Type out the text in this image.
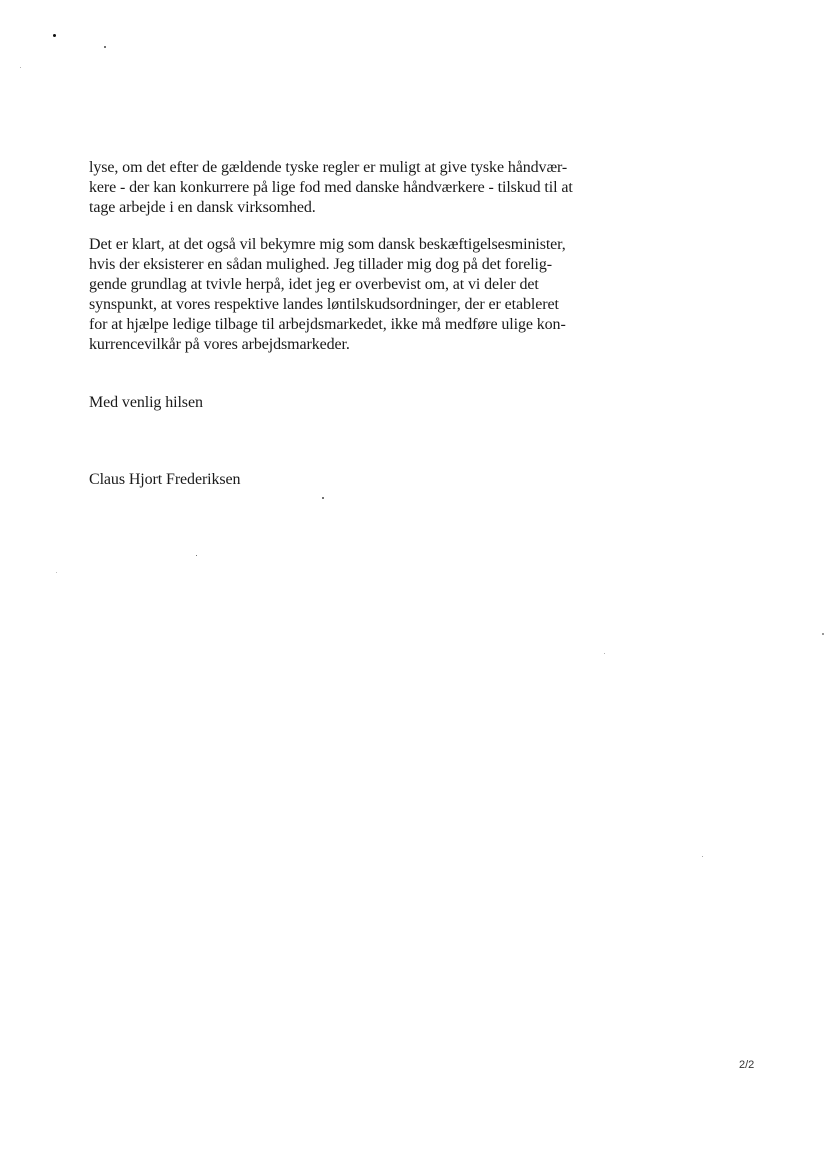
lyse, om det efter de gældende tyske regler er muligt at give tyske håndvær-
kere - der kan konkurrere på lige fod med danske håndværkere - tilskud til at
tage arbejde i en dansk virksomhed.
Det er klart, at det også vil bekymre mig som dansk beskæftigelsesminister,
hvis der eksisterer en sådan mulighed. Jeg tillader mig dog på det forelig-
gende grundlag at tvivle herpå, idet jeg er overbevist om, at vi deler det
synspunkt, at vores respektive landes løntilskudsordninger, der er etableret
for at hjælpe ledige tilbage til arbejdsmarkedet, ikke må medføre ulige kon-
kurrencevilkår på vores arbejdsmarkeder.
Med venlig hilsen
Claus Hjort Frederiksen
2/2
